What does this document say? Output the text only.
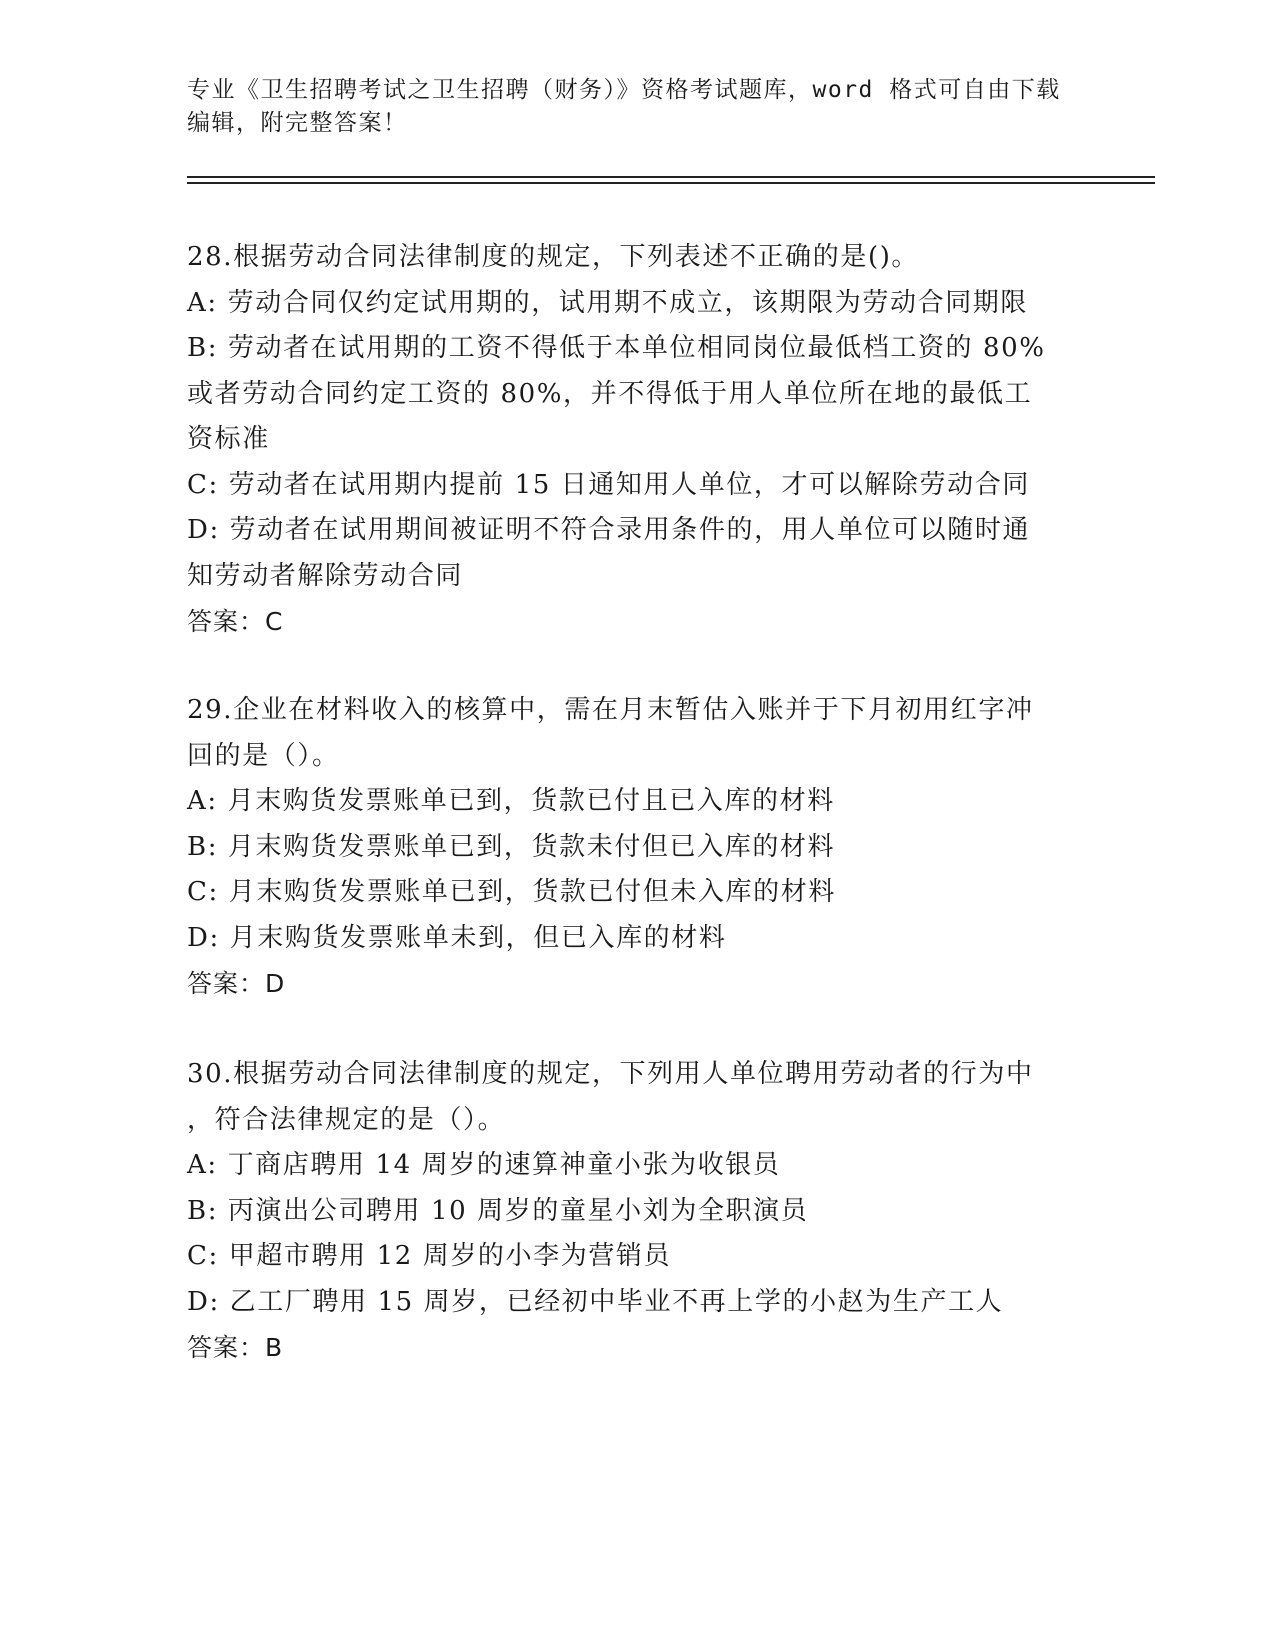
专业《卫生招聘考试之卫生招聘（财务）》资格考试题库，word 格式可自由下载
编辑，附完整答案！
28.根据劳动合同法律制度的规定，下列表述不正确的是()。
A: 劳动合同仅约定试用期的，试用期不成立，该期限为劳动合同期限
B: 劳动者在试用期的工资不得低于本单位相同岗位最低档工资的 80%
或者劳动合同约定工资的 80%，并不得低于用人单位所在地的最低工
资标准
C: 劳动者在试用期内提前 15 日通知用人单位，才可以解除劳动合同
D: 劳动者在试用期间被证明不符合录用条件的，用人单位可以随时通
知劳动者解除劳动合同
答案：C
29.企业在材料收入的核算中，需在月末暂估入账并于下月初用红字冲
回的是（）。
A: 月末购货发票账单已到，货款已付且已入库的材料
B: 月末购货发票账单已到，货款未付但已入库的材料
C: 月末购货发票账单已到，货款已付但未入库的材料
D: 月末购货发票账单未到，但已入库的材料
答案：D
30.根据劳动合同法律制度的规定，下列用人单位聘用劳动者的行为中
，符合法律规定的是（）。
A: 丁商店聘用 14 周岁的速算神童小张为收银员
B: 丙演出公司聘用 10 周岁的童星小刘为全职演员
C: 甲超市聘用 12 周岁的小李为营销员
D: 乙工厂聘用 15 周岁，已经初中毕业不再上学的小赵为生产工人
答案：B
